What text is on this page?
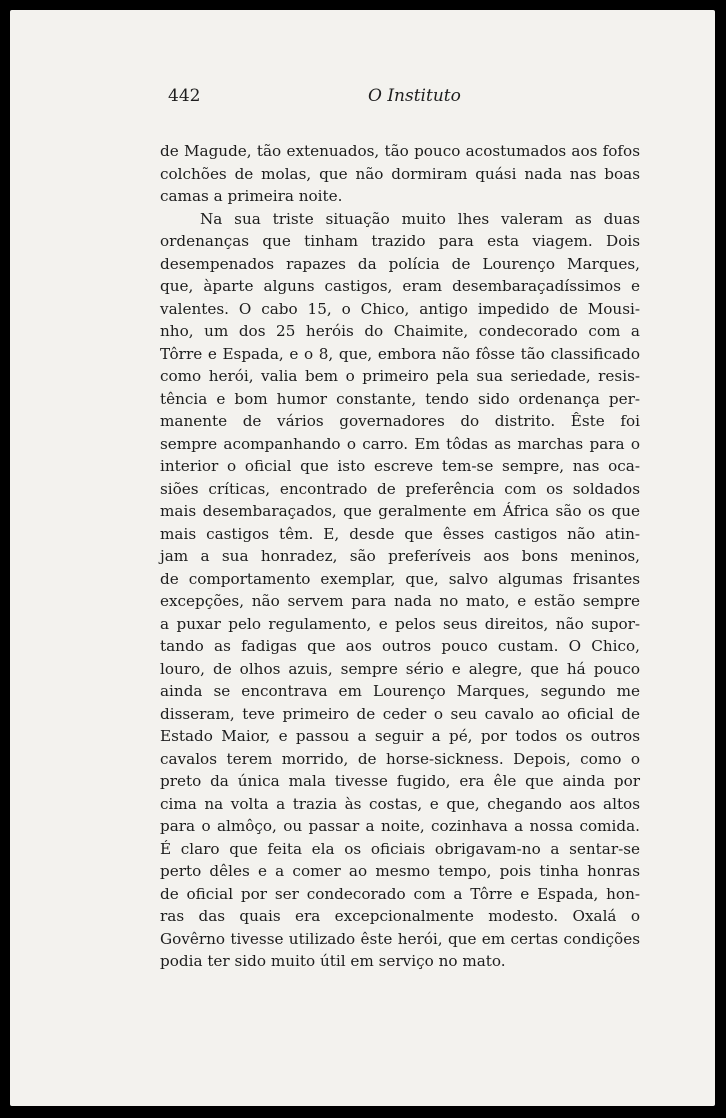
442	O Instituto
de Magude, tão extenuados, tão pouco acostumados aos fofos
colchões de molas, que não dormiram quási nada nas boas
camas a primeira noite.
Na sua triste situação muito lhes valeram as duas
ordenanças que tinham trazido para esta viagem. Dois
desempenados rapazes da polícia de Lourenço Marques,
que, àparte alguns castigos, eram desembaraçadíssimos e
valentes. O cabo 15, o Chico, antigo impedido de Mousi-
nho, um dos 25 heróis do Chaimite, condecorado com a
Tôrre e Espada, e o 8, que, embora não fôsse tão classificado
como herói, valia bem o primeiro pela sua seriedade, resis-
tência e bom humor constante, tendo sido ordenança per-
manente de vários governadores do distrito. Êste foi
sempre acompanhando o carro. Em tôdas as marchas para o
interior o oficial que isto escreve tem-se sempre, nas oca-
siões críticas, encontrado de preferência com os soldados
mais desembaraçados, que geralmente em África são os que
mais castigos têm. E, desde que êsses castigos não atin-
jam a sua honradez, são preferíveis aos bons meninos,
de comportamento exemplar, que, salvo algumas frisantes
excepções, não servem para nada no mato, e estão sempre
a puxar pelo regulamento, e pelos seus direitos, não supor-
tando as fadigas que aos outros pouco custam. O Chico,
louro, de olhos azuis, sempre sério e alegre, que há pouco
ainda se encontrava em Lourenço Marques, segundo me
disseram, teve primeiro de ceder o seu cavalo ao oficial de
Estado Maior, e passou a seguir a pé, por todos os outros
cavalos terem morrido, de horse-sickness. Depois, como o
preto da única mala tivesse fugido, era êle que ainda por
cima na volta a trazia às costas, e que, chegando aos altos
para o almôço, ou passar a noite, cozinhava a nossa comida.
É claro que feita ela os oficiais obrigavam-no a sentar-se
perto dêles e a comer ao mesmo tempo, pois tinha honras
de oficial por ser condecorado com a Tôrre e Espada, hon-
ras das quais era excepcionalmente modesto. Oxalá o
Govêrno tivesse utilizado êste herói, que em certas condições
podia ter sido muito útil em serviço no mato.
